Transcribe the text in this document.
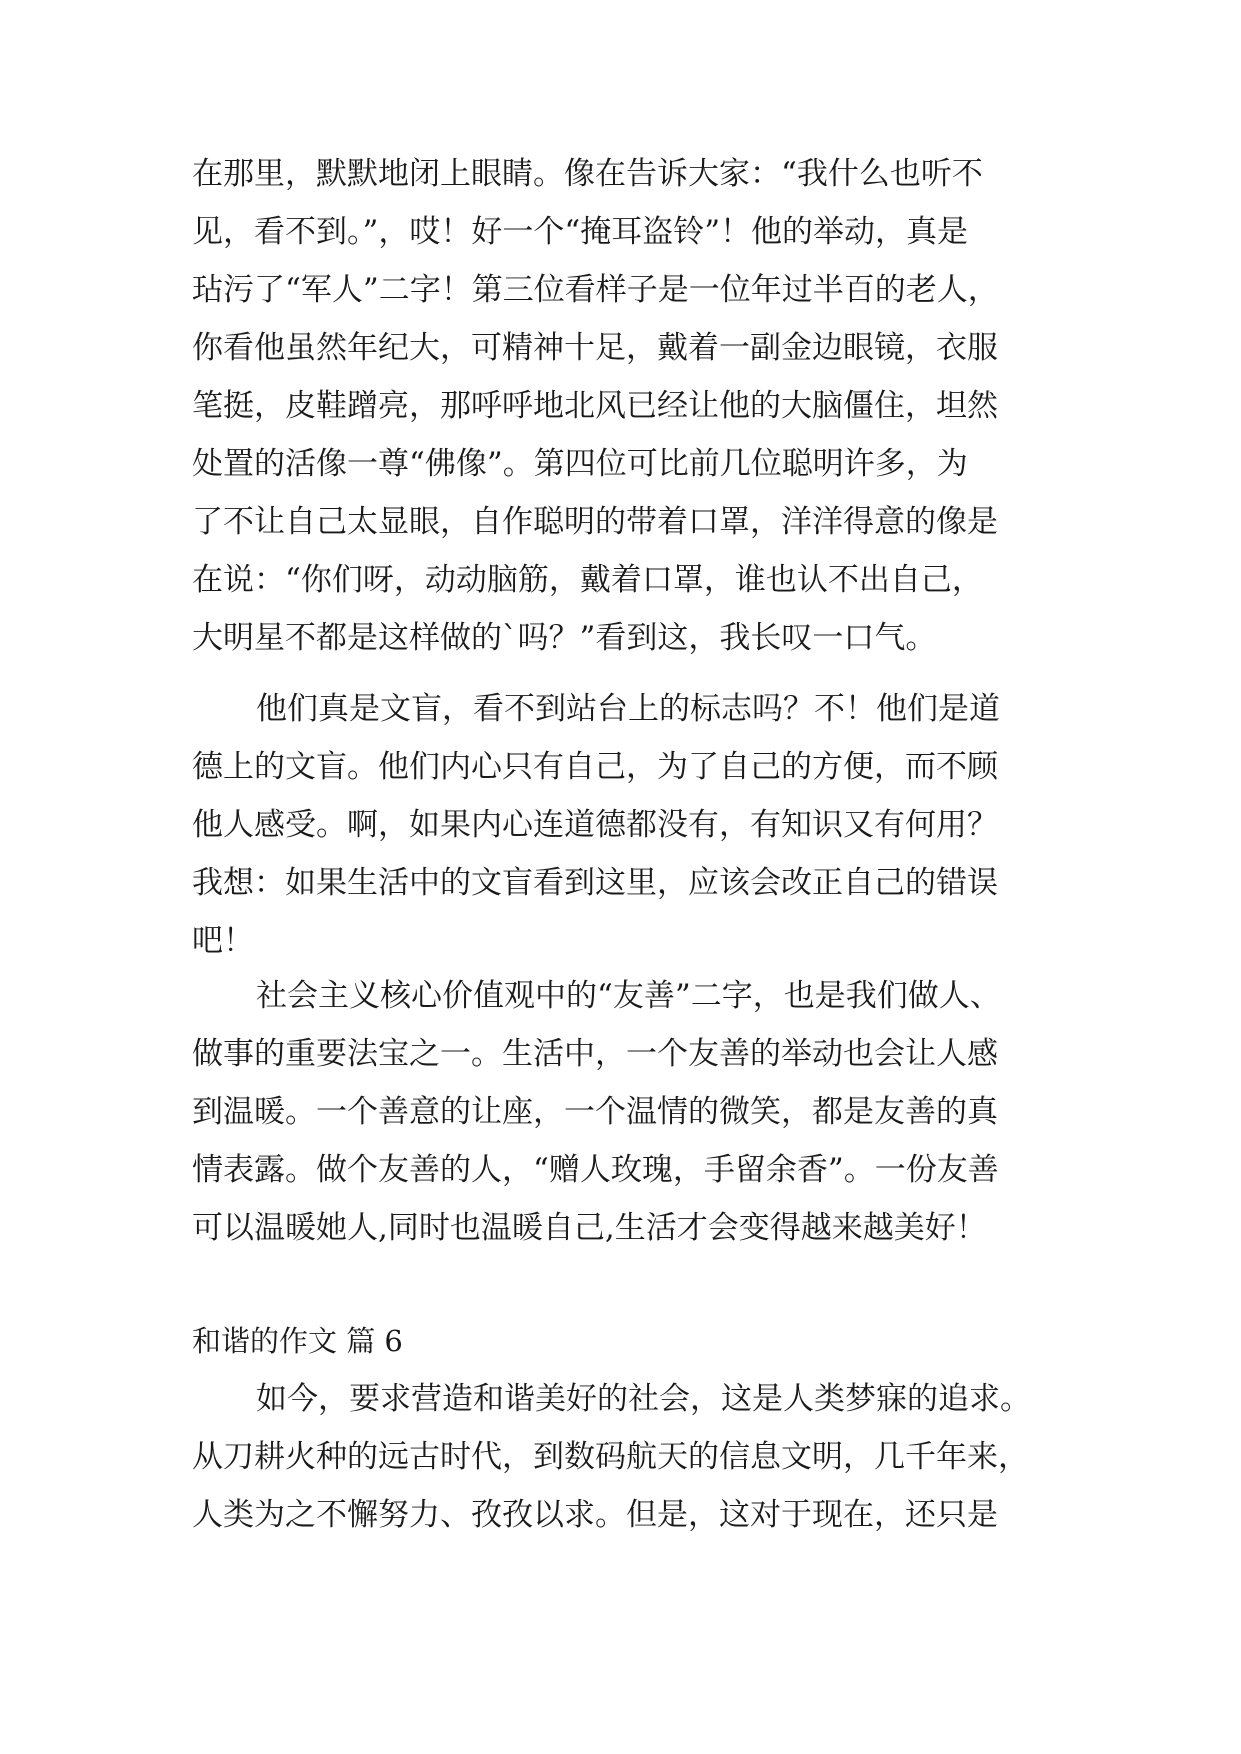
在那里，默默地闭上眼睛。像在告诉大家：“我什么也听不
见，看不到。”，哎！好一个“掩耳盗铃”！他的举动，真是
玷污了“军人”二字！第三位看样子是一位年过半百的老人，
你看他虽然年纪大，可精神十足，戴着一副金边眼镜，衣服
笔挺，皮鞋蹭亮，那呼呼地北风已经让他的大脑僵住，坦然
处置的活像一尊“佛像”。第四位可比前几位聪明许多，为
了不让自己太显眼，自作聪明的带着口罩，洋洋得意的像是
在说：“你们呀，动动脑筋，戴着口罩，谁也认不出自己，
大明星不都是这样做的`吗？”看到这，我长叹一口气。
他们真是文盲，看不到站台上的标志吗？不！他们是道
德上的文盲。他们内心只有自己，为了自己的方便，而不顾
他人感受。啊，如果内心连道德都没有，有知识又有何用？
我想：如果生活中的文盲看到这里，应该会改正自己的错误
吧！
社会主义核心价值观中的“友善”二字，也是我们做人、
做事的重要法宝之一。生活中，一个友善的举动也会让人感
到温暖。一个善意的让座，一个温情的微笑，都是友善的真
情表露。做个友善的人，“赠人玫瑰，手留余香”。一份友善
可以温暖她人,同时也温暖自己,生活才会变得越来越美好！
和谐的作文 篇 6
如今，要求营造和谐美好的社会，这是人类梦寐的追求。
从刀耕火种的远古时代，到数码航天的信息文明，几千年来，
人类为之不懈努力、孜孜以求。但是，这对于现在，还只是
